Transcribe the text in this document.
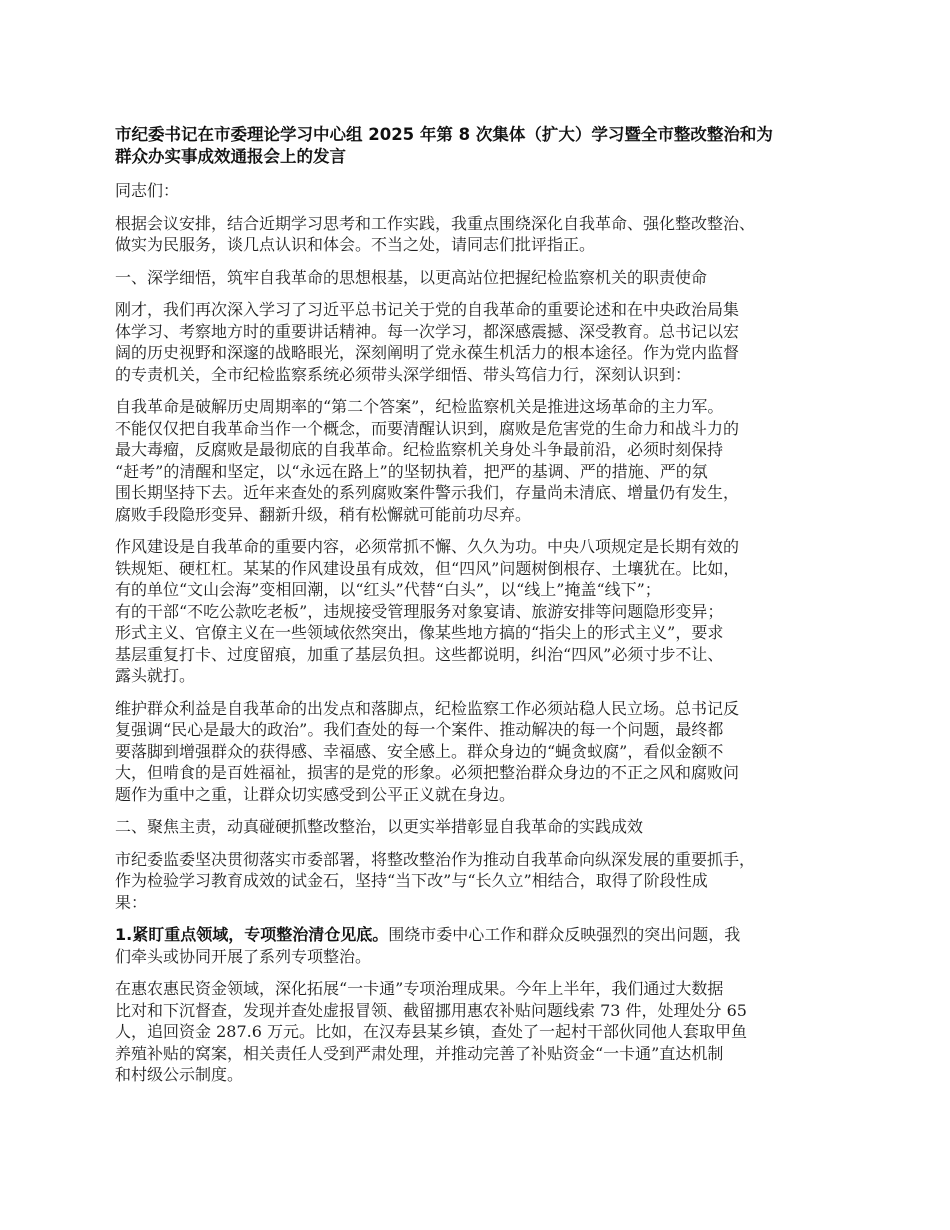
市纪委书记在市委理论学习中心组 2025 年第 8 次集体（扩大）学习暨全市整改整治和为
群众办实事成效通报会上的发言

同志们：

根据会议安排，结合近期学习思考和工作实践，我重点围绕深化自我革命、强化整改整治、
做实为民服务，谈几点认识和体会。不当之处，请同志们批评指正。

一、深学细悟，筑牢自我革命的思想根基，以更高站位把握纪检监察机关的职责使命

刚才，我们再次深入学习了习近平总书记关于党的自我革命的重要论述和在中央政治局集
体学习、考察地方时的重要讲话精神。每一次学习，都深感震撼、深受教育。总书记以宏
阔的历史视野和深邃的战略眼光，深刻阐明了党永葆生机活力的根本途径。作为党内监督
的专责机关，全市纪检监察系统必须带头深学细悟、带头笃信力行，深刻认识到：

自我革命是破解历史周期率的“第二个答案”，纪检监察机关是推进这场革命的主力军。
不能仅仅把自我革命当作一个概念，而要清醒认识到，腐败是危害党的生命力和战斗力的
最大毒瘤，反腐败是最彻底的自我革命。纪检监察机关身处斗争最前沿，必须时刻保持
“赶考”的清醒和坚定，以“永远在路上”的坚韧执着，把严的基调、严的措施、严的氛
围长期坚持下去。近年来查处的系列腐败案件警示我们，存量尚未清底、增量仍有发生，
腐败手段隐形变异、翻新升级，稍有松懈就可能前功尽弃。

作风建设是自我革命的重要内容，必须常抓不懈、久久为功。中央八项规定是长期有效的
铁规矩、硬杠杠。某某的作风建设虽有成效，但“四风”问题树倒根存、土壤犹在。比如，
有的单位“文山会海”变相回潮，以“红头”代替“白头”，以“线上”掩盖“线下”；
有的干部“不吃公款吃老板”，违规接受管理服务对象宴请、旅游安排等问题隐形变异；
形式主义、官僚主义在一些领域依然突出，像某些地方搞的“指尖上的形式主义”，要求
基层重复打卡、过度留痕，加重了基层负担。这些都说明，纠治“四风”必须寸步不让、
露头就打。

维护群众利益是自我革命的出发点和落脚点，纪检监察工作必须站稳人民立场。总书记反
复强调“民心是最大的政治”。我们查处的每一个案件、推动解决的每一个问题，最终都
要落脚到增强群众的获得感、幸福感、安全感上。群众身边的“蝇贪蚁腐”，看似金额不
大，但啃食的是百姓福祉，损害的是党的形象。必须把整治群众身边的不正之风和腐败问
题作为重中之重，让群众切实感受到公平正义就在身边。

二、聚焦主责，动真碰硬抓整改整治，以更实举措彰显自我革命的实践成效

市纪委监委坚决贯彻落实市委部署，将整改整治作为推动自我革命向纵深发展的重要抓手，
作为检验学习教育成效的试金石，坚持“当下改”与“长久立”相结合，取得了阶段性成
果：

1.紧盯重点领域，专项整治清仓见底。围绕市委中心工作和群众反映强烈的突出问题，我
们牵头或协同开展了系列专项整治。

在惠农惠民资金领域，深化拓展“一卡通”专项治理成果。今年上半年，我们通过大数据
比对和下沉督查，发现并查处虚报冒领、截留挪用惠农补贴问题线索 73 件，处理处分 65
人，追回资金 287.6 万元。比如，在汉寿县某乡镇，查处了一起村干部伙同他人套取甲鱼
养殖补贴的窝案，相关责任人受到严肃处理，并推动完善了补贴资金“一卡通”直达机制
和村级公示制度。
